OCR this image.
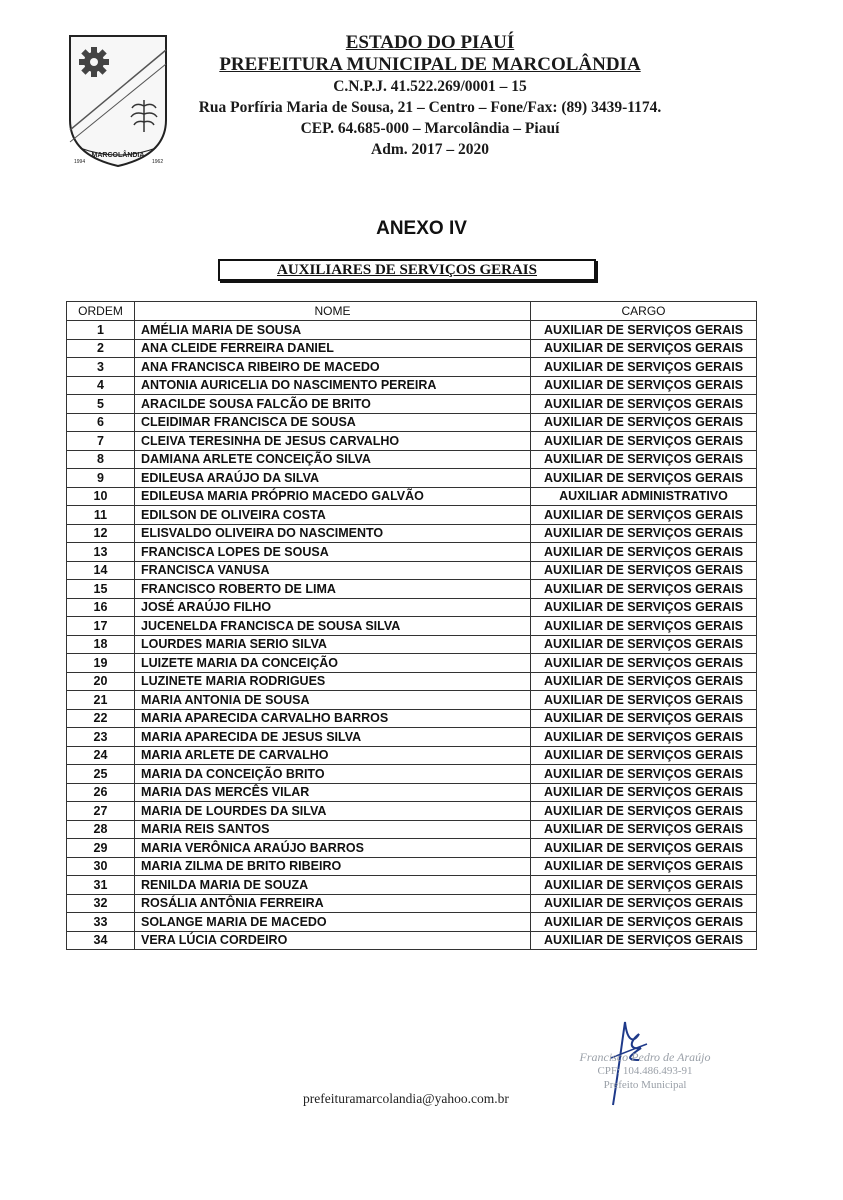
MARCOLÂNDIA
1994	1962
ESTADO DO PIAUÍ
PREFEITURA MUNICIPAL DE MARCOLÂNDIA
C.N.P.J. 41.522.269/0001 – 15
Rua Porfíria Maria de Sousa, 21 – Centro – Fone/Fax: (89) 3439-1174.
CEP. 64.685-000 – Marcolândia – Piauí
Adm. 2017 – 2020
ANEXO IV
AUXILIARES DE SERVIÇOS GERAIS
ORDEM	NOME	CARGO
1	AMÉLIA MARIA DE SOUSA	AUXILIAR DE SERVIÇOS GERAIS
2	ANA CLEIDE FERREIRA DANIEL	AUXILIAR DE SERVIÇOS GERAIS
3	ANA FRANCISCA RIBEIRO DE MACEDO	AUXILIAR DE SERVIÇOS GERAIS
4	ANTONIA AURICELIA DO NASCIMENTO PEREIRA	AUXILIAR DE SERVIÇOS GERAIS
5	ARACILDE SOUSA FALCÃO DE BRITO	AUXILIAR DE SERVIÇOS GERAIS
6	CLEIDIMAR FRANCISCA DE SOUSA	AUXILIAR DE SERVIÇOS GERAIS
7	CLEIVA TERESINHA DE JESUS CARVALHO	AUXILIAR DE SERVIÇOS GERAIS
8	DAMIANA ARLETE CONCEIÇÃO SILVA	AUXILIAR DE SERVIÇOS GERAIS
9	EDILEUSA ARAÚJO DA SILVA	AUXILIAR DE SERVIÇOS GERAIS
10	EDILEUSA MARIA PRÓPRIO MACEDO GALVÃO	AUXILIAR ADMINISTRATIVO
11	EDILSON DE OLIVEIRA COSTA	AUXILIAR DE SERVIÇOS GERAIS
12	ELISVALDO OLIVEIRA DO NASCIMENTO	AUXILIAR DE SERVIÇOS GERAIS
13	FRANCISCA LOPES DE SOUSA	AUXILIAR DE SERVIÇOS GERAIS
14	FRANCISCA VANUSA	AUXILIAR DE SERVIÇOS GERAIS
15	FRANCISCO ROBERTO DE LIMA	AUXILIAR DE SERVIÇOS GERAIS
16	JOSÉ ARAÚJO FILHO	AUXILIAR DE SERVIÇOS GERAIS
17	JUCENELDA FRANCISCA DE SOUSA SILVA	AUXILIAR DE SERVIÇOS GERAIS
18	LOURDES MARIA SERIO SILVA	AUXILIAR DE SERVIÇOS GERAIS
19	LUIZETE MARIA DA CONCEIÇÃO	AUXILIAR DE SERVIÇOS GERAIS
20	LUZINETE MARIA RODRIGUES	AUXILIAR DE SERVIÇOS GERAIS
21	MARIA ANTONIA DE SOUSA	AUXILIAR DE SERVIÇOS GERAIS
22	MARIA APARECIDA CARVALHO BARROS	AUXILIAR DE SERVIÇOS GERAIS
23	MARIA APARECIDA DE JESUS SILVA	AUXILIAR DE SERVIÇOS GERAIS
24	MARIA ARLETE DE CARVALHO	AUXILIAR DE SERVIÇOS GERAIS
25	MARIA DA CONCEIÇÃO BRITO	AUXILIAR DE SERVIÇOS GERAIS
26	MARIA DAS MERCÊS VILAR	AUXILIAR DE SERVIÇOS GERAIS
27	MARIA DE LOURDES DA SILVA	AUXILIAR DE SERVIÇOS GERAIS
28	MARIA REIS SANTOS	AUXILIAR DE SERVIÇOS GERAIS
29	MARIA VERÔNICA ARAÚJO BARROS	AUXILIAR DE SERVIÇOS GERAIS
30	MARIA ZILMA DE BRITO RIBEIRO	AUXILIAR DE SERVIÇOS GERAIS
31	RENILDA MARIA DE SOUZA	AUXILIAR DE SERVIÇOS GERAIS
32	ROSÁLIA ANTÔNIA FERREIRA	AUXILIAR DE SERVIÇOS GERAIS
33	SOLANGE MARIA DE MACEDO	AUXILIAR DE SERVIÇOS GERAIS
34	VERA LÚCIA CORDEIRO	AUXILIAR DE SERVIÇOS GERAIS
Francisco Pedro de Araújo
CPF: 104.486.493-91
Prefeito Municipal
prefeituramarcolandia@yahoo.com.br
